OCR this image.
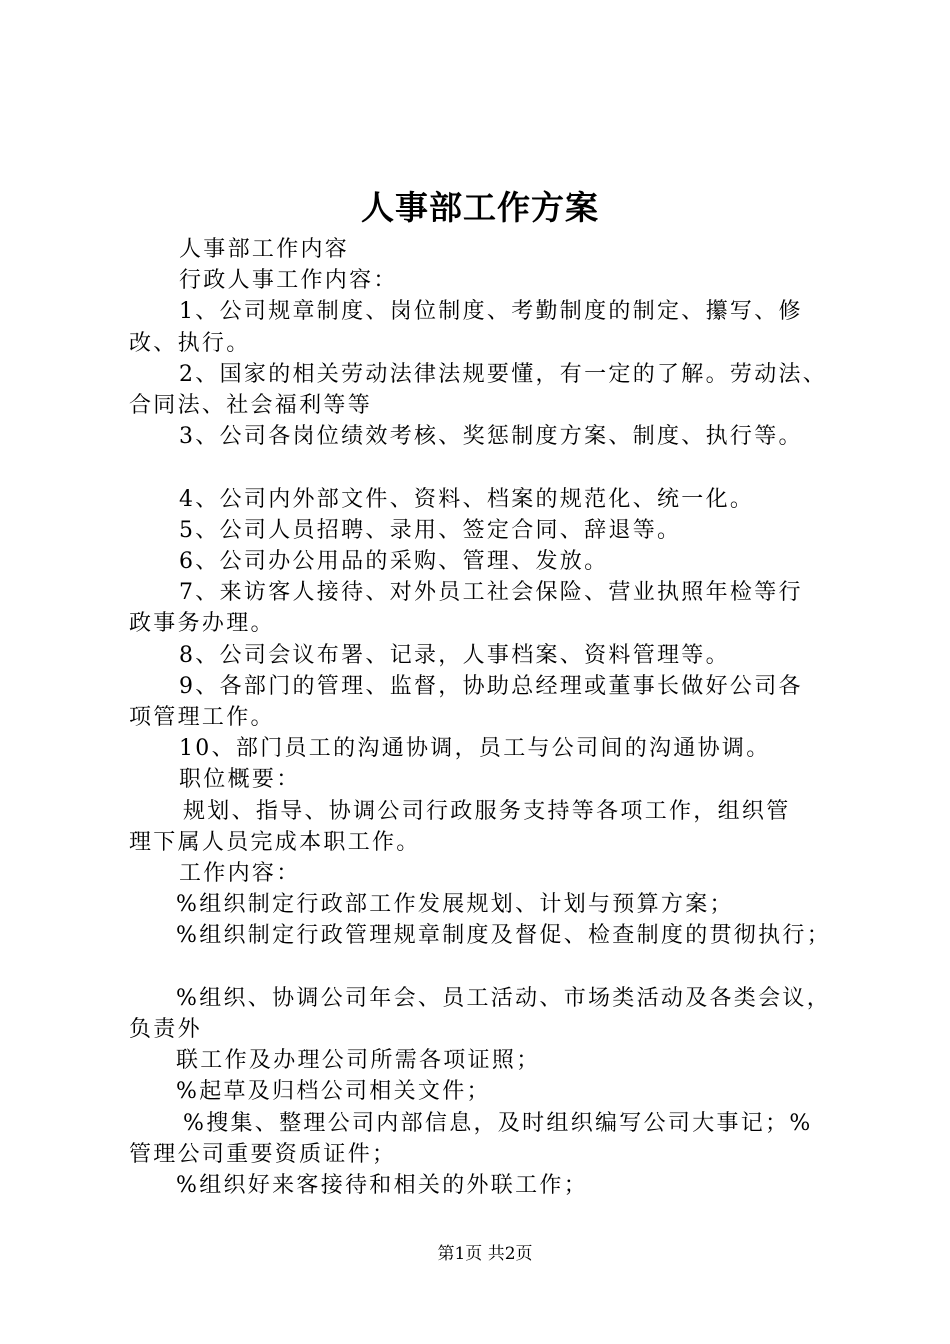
人事部工作方案

人事部工作内容

行政人事工作内容：

1、公司规章制度、岗位制度、考勤制度的制定、攥写、修

改、执行。

2、国家的相关劳动法律法规要懂，有一定的了解。劳动法、

合同法、社会福利等等

3、公司各岗位绩效考核、奖惩制度方案、制度、执行等。

4、公司内外部文件、资料、档案的规范化、统一化。

5、公司人员招聘、录用、签定合同、辞退等。

6、公司办公用品的采购、管理、发放。

7、来访客人接待、对外员工社会保险、营业执照年检等行

政事务办理。

8、公司会议布署、记录，人事档案、资料管理等。

9、各部门的管理、监督，协助总经理或董事长做好公司各

项管理工作。

10、部门员工的沟通协调，员工与公司间的沟通协调。

职位概要：

规划、指导、协调公司行政服务支持等各项工作，组织管

理下属人员完成本职工作。

工作内容：

%组织制定行政部工作发展规划、计划与预算方案；

%组织制定行政管理规章制度及督促、检查制度的贯彻执行；

%组织、协调公司年会、员工活动、市场类活动及各类会议，

负责外

联工作及办理公司所需各项证照；

%起草及归档公司相关文件；

%搜集、整理公司内部信息，及时组织编写公司大事记；%

管理公司重要资质证件；

%组织好来客接待和相关的外联工作；

第1页 共2页
